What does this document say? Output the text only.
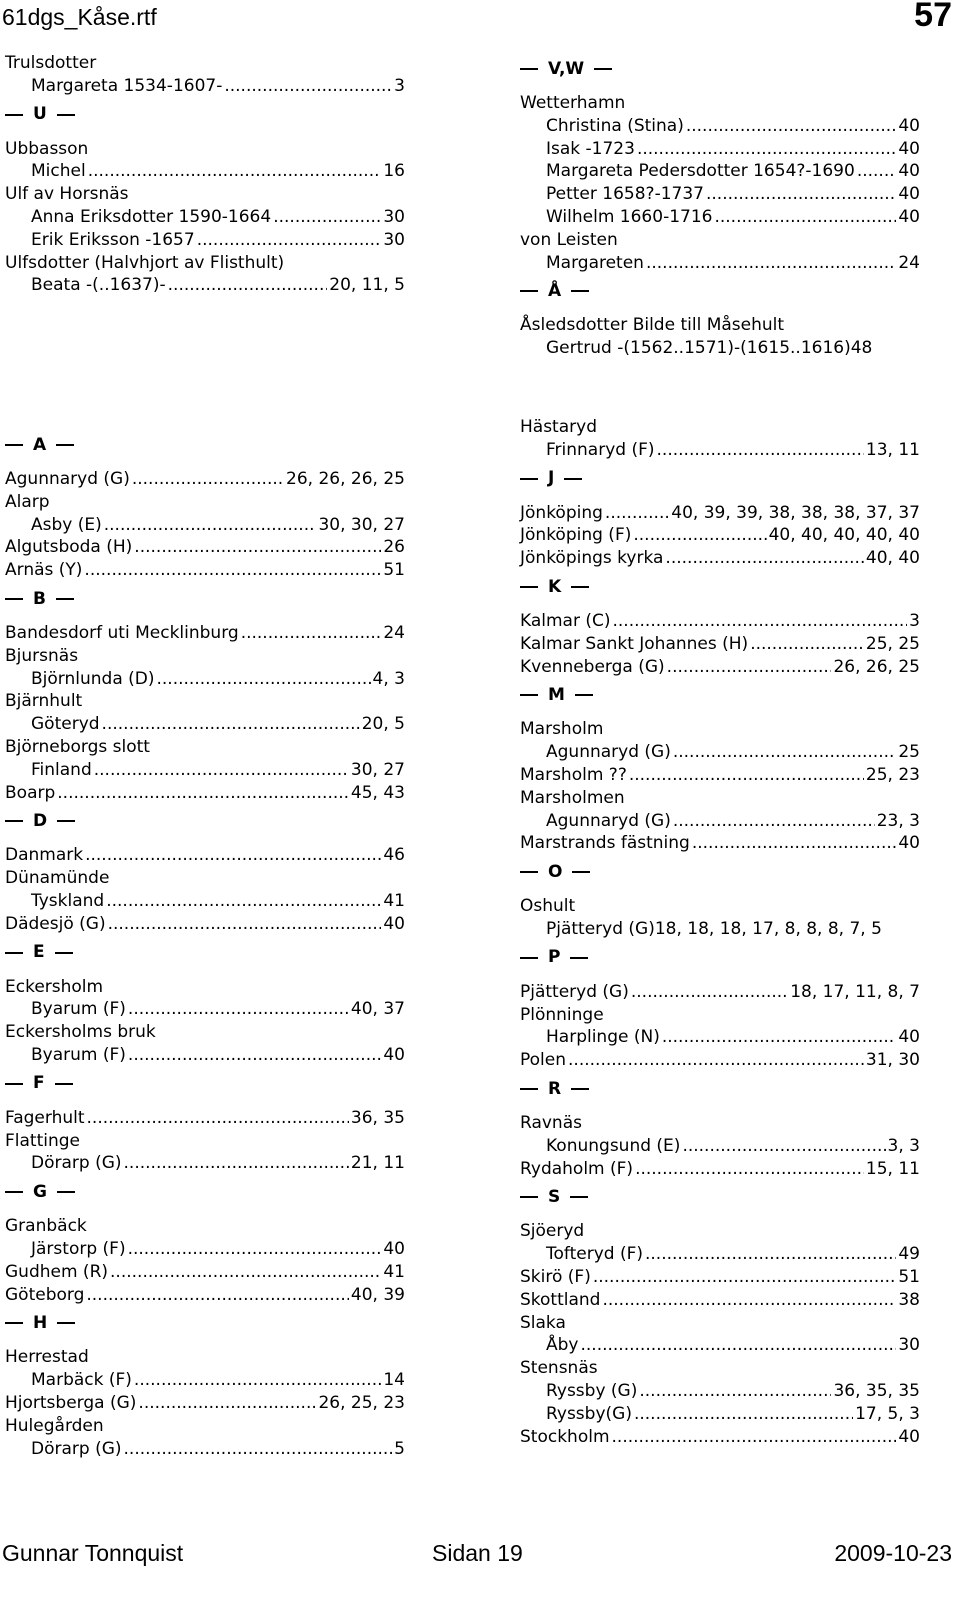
61dgs_Kåse.rtf	57
Trulsdotter
Margareta 1534-1607- .....	3
U
Ubbasson
Michel .....	16
Ulf av Horsnäs
Anna Eriksdotter 1590-1664 .....	30
Erik Eriksson -1657 .....	30
Ulfsdotter (Halvhjort av Flisthult)
Beata -(..1637)- .....	20, 11, 5
V,W
Wetterhamn
Christina (Stina) .....	40
Isak -1723 .....	40
Margareta Pedersdotter 1654?-1690 .....	40
Petter 1658?-1737 .....	40
Wilhelm 1660-1716 .....	40
von Leisten
Margareten .....	24
Å
Åsledsdotter Bilde till Måsehult
Gertrud -(1562..1571)-(1615..1616)48
A
Agunnaryd (G) .....	26, 26, 26, 25
Alarp
Asby (E) .....	30, 30, 27
Algutsboda (H) .....	26
Arnäs (Y) .....	51
B
Bandesdorf uti Mecklinburg .....	24
Bjursnäs
Björnlunda (D) .....	4, 3
Bjärnhult
Göteryd .....	20, 5
Björneborgs slott
Finland .....	30, 27
Boarp .....	45, 43
D
Danmark .....	46
Dünamünde
Tyskland .....	41
Dädesjö (G) .....	40
E
Eckersholm
Byarum (F) .....	40, 37
Eckersholms bruk
Byarum (F) .....	40
F
Fagerhult .....	36, 35
Flattinge
Dörarp (G) .....	21, 11
G
Granbäck
Järstorp (F) .....	40
Gudhem (R) .....	41
Göteborg .....	40, 39
H
Herrestad
Marbäck (F) .....	14
Hjortsberga (G) .....	26, 25, 23
Hulegården
Dörarp (G) .....	5
Hästaryd
Frinnaryd (F) .....	13, 11
J
Jönköping .....	40, 39, 39, 38, 38, 38, 37, 37
Jönköping (F) .....	40, 40, 40, 40, 40
Jönköpings kyrka .....	40, 40
K
Kalmar (C) .....	3
Kalmar Sankt Johannes (H) .....	25, 25
Kvenneberga (G) .....	26, 26, 25
M
Marsholm
Agunnaryd (G) .....	25
Marsholm ?? .....	25, 23
Marsholmen
Agunnaryd (G) .....	23, 3
Marstrands fästning .....	40
O
Oshult
Pjätteryd (G)18, 18, 18, 17, 8, 8, 8, 7, 5
P
Pjätteryd (G) .....	18, 17, 11, 8, 7
Plönninge
Harplinge (N) .....	40
Polen .....	31, 30
R
Ravnäs
Konungsund (E) .....	3, 3
Rydaholm (F) .....	15, 11
S
Sjöeryd
Tofteryd (F) .....	49
Skirö (F) .....	51
Skottland .....	38
Slaka
Åby .....	30
Stensnäs
Ryssby (G) .....	36, 35, 35
Ryssby(G) .....	17, 5, 3
Stockholm .....	40
Gunnar Tonnquist	Sidan 19	2009-10-23
